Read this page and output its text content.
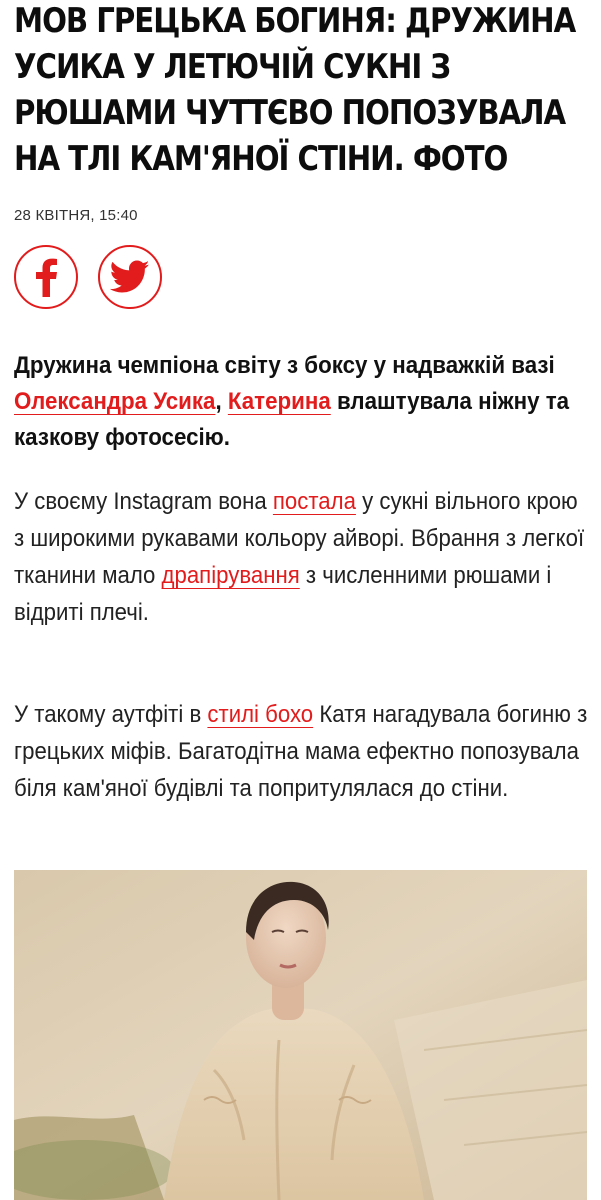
МОВ ГРЕЦЬКА БОГИНЯ: ДРУЖИНА УСИКА У ЛЕТЮЧІЙ СУКНІ З РЮШАМИ ЧУТТЄВО ПОПОЗУВАЛА НА ТЛІ КАМ'ЯНОЇ СТІНИ. ФОТО
28 КВІТНЯ, 15:40

Дружина чемпіона світу з боксу у надважкій вазі Олександра Усика, Катерина влаштувала ніжну та казкову фотосесію.

У своєму Instagram вона постала у сукні вільного крою з широкими рукавами кольору айворі. Вбрання з легкої тканини мало драпірування з численними рюшами і відриті плечі.

У такому аутфіті в стилі бохо Катя нагадувала богиню з грецьких міфів. Багатодітна мама ефектно попозувала біля кам'яної будівлі та попритулялася до стіни.
